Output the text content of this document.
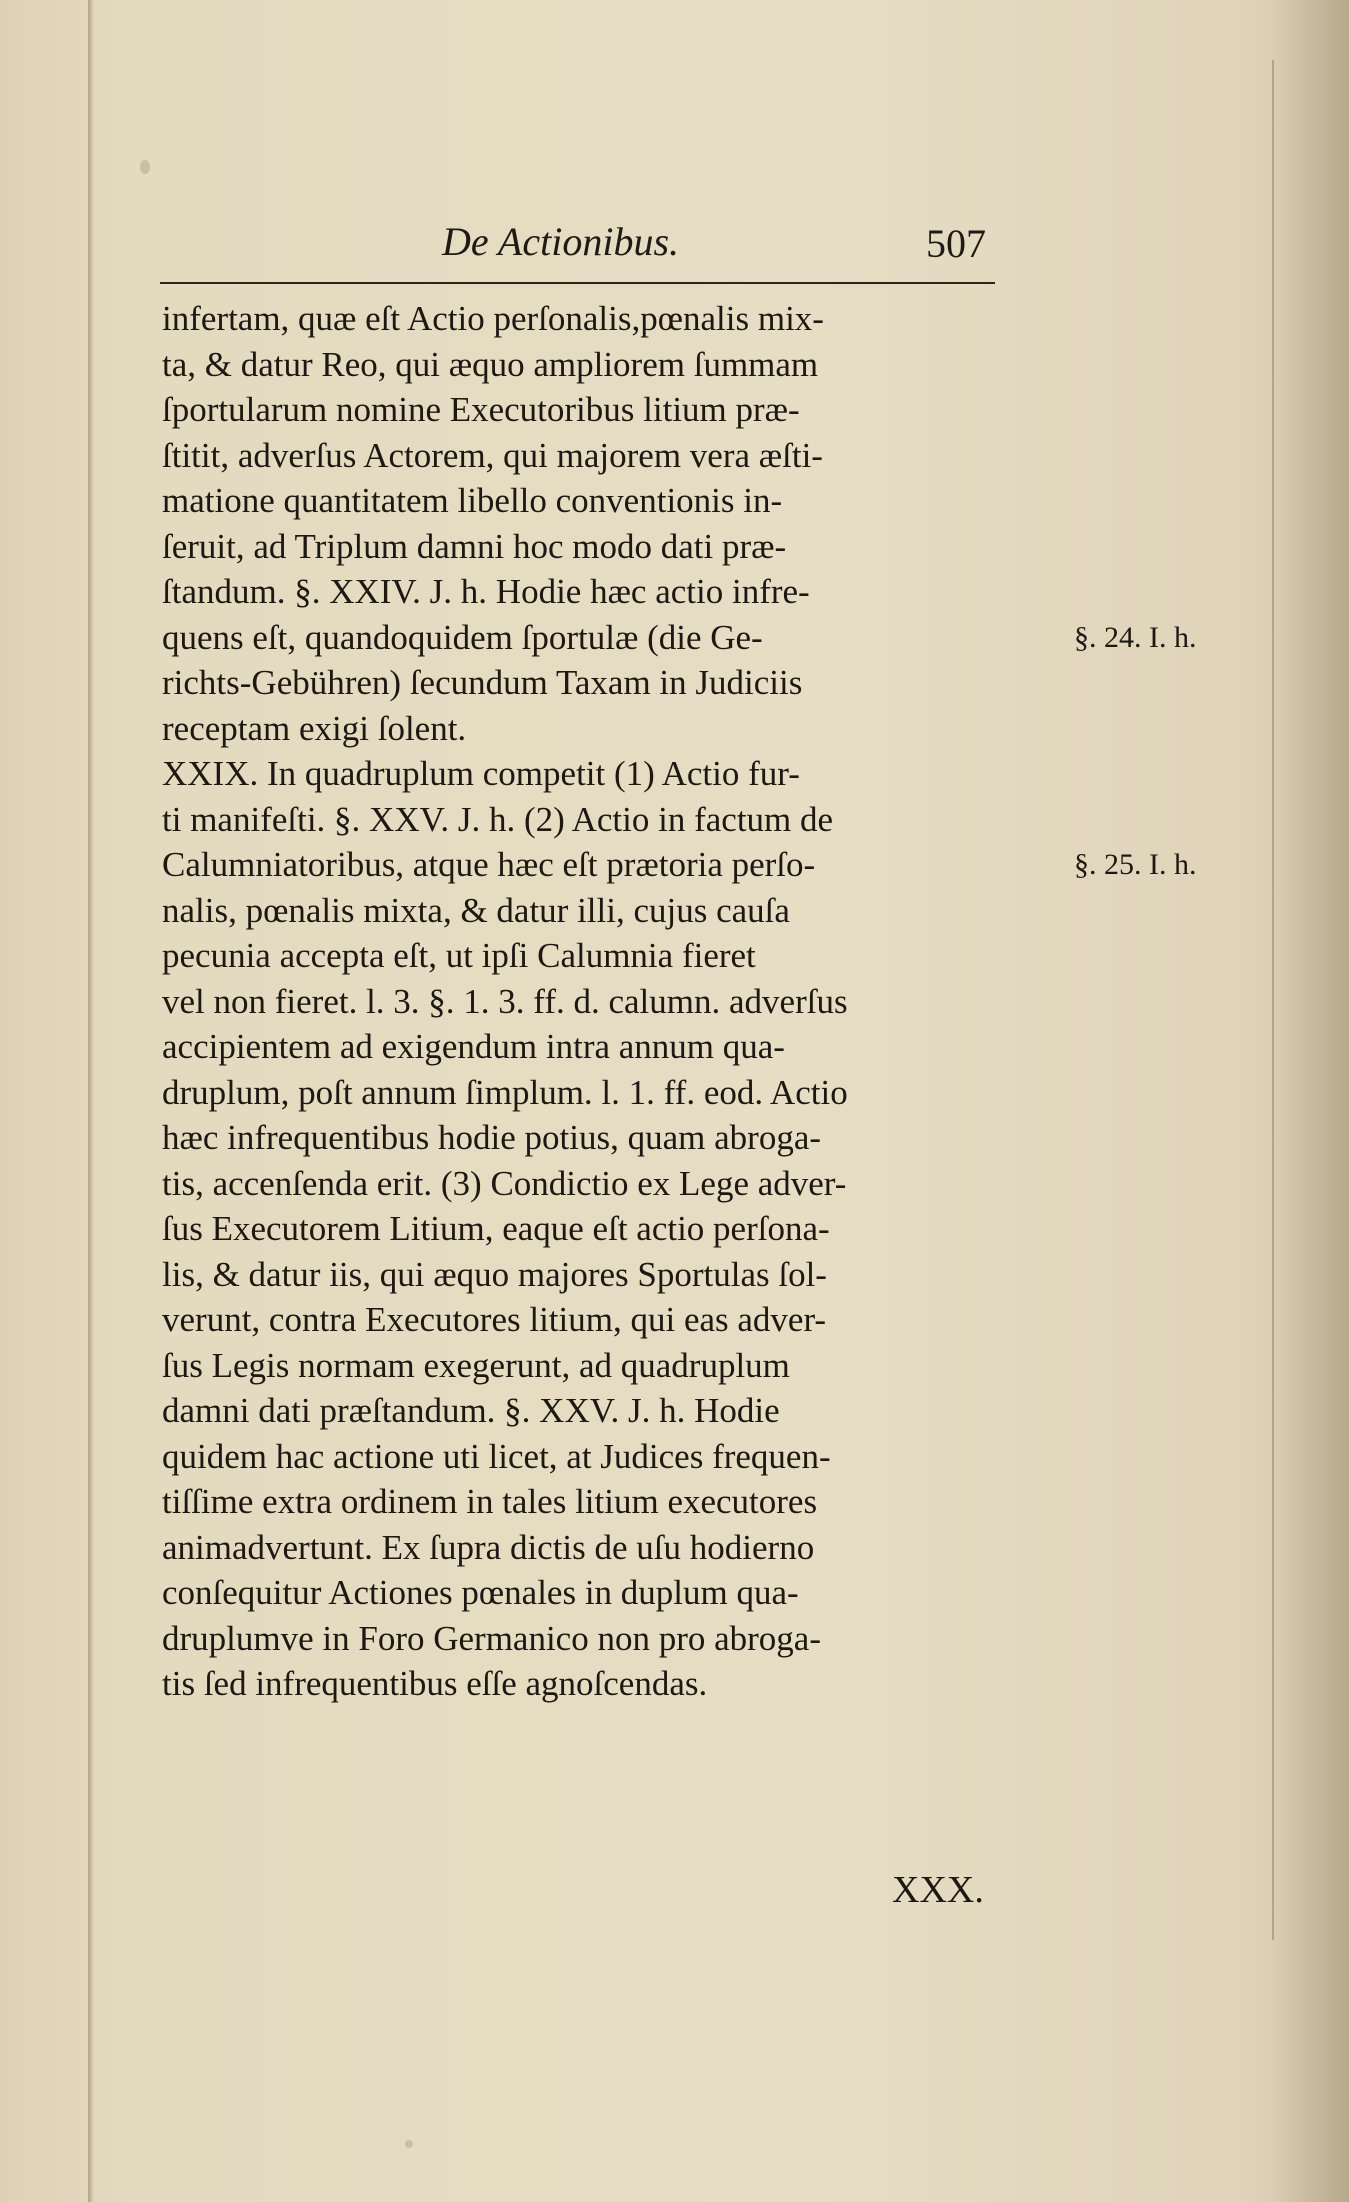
De Actionibus.	507
infertam, quæ eſt Actio perſonalis,pœnalis mix-
ta, & datur Reo, qui æquo ampliorem ſummam
ſportularum nomine Executoribus litium præ-
ſtitit, adverſus Actorem, qui majorem vera æſti-
matione quantitatem libello conventionis in-
ſeruit, ad Triplum damni hoc modo dati præ-
ſtandum. §. XXIV. J. h. Hodie hæc actio infre-
quens eſt, quandoquidem ſportulæ (die Ge-
richts-Gebühren) ſecundum Taxam in Judiciis
receptam exigi ſolent.
XXIX. In quadruplum competit (1) Actio fur-
ti manifeſti. §. XXV. J. h. (2) Actio in factum de
Calumniatoribus, atque hæc eſt prætoria perſo-
nalis, pœnalis mixta, & datur illi, cujus cauſa
pecunia accepta eſt, ut ipſi Calumnia fieret
vel non fieret. l. 3. §. 1. 3. ff. d. calumn. adverſus
accipientem ad exigendum intra annum qua-
druplum, poſt annum ſimplum. l. 1. ff. eod. Actio
hæc infrequentibus hodie potius, quam abroga-
tis, accenſenda erit. (3) Condictio ex Lege adver-
ſus Executorem Litium, eaque eſt actio perſona-
lis, & datur iis, qui æquo majores Sportulas ſol-
verunt, contra Executores litium, qui eas adver-
ſus Legis normam exegerunt, ad quadruplum
damni dati præſtandum. §. XXV. J. h. Hodie
quidem hac actione uti licet, at Judices frequen-
tiſſime extra ordinem in tales litium executores
animadvertunt. Ex ſupra dictis de uſu hodierno
conſequitur Actiones pœnales in duplum qua-
druplumve in Foro Germanico non pro abroga-
tis ſed infrequentibus eſſe agnoſcendas.
XXX.
§. 24. I. h.
§. 25. I. h.
